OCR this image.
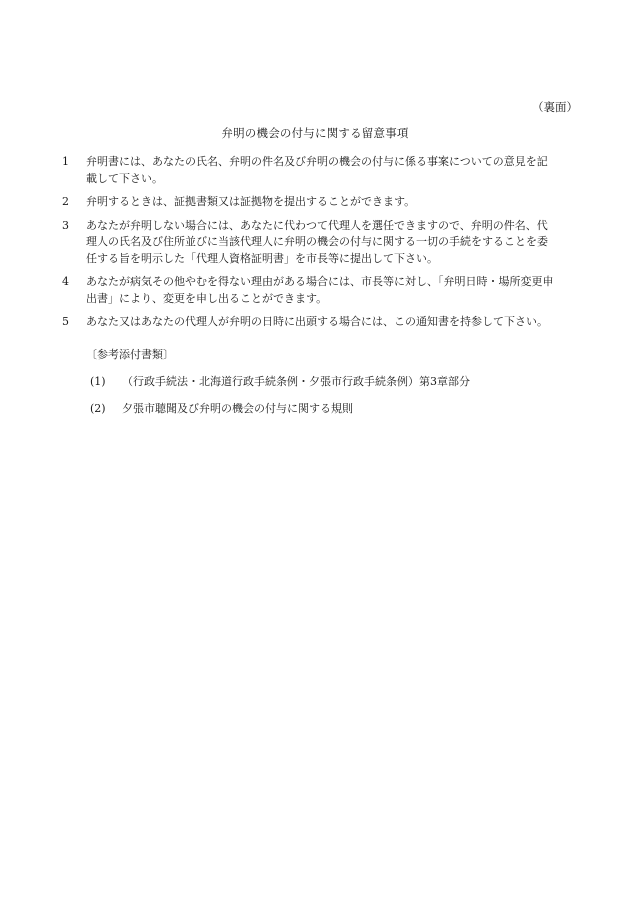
（裏面）
弁明の機会の付与に関する留意事項
1	弁明書には、あなたの氏名、弁明の件名及び弁明の機会の付与に係る事案についての意見を記
載して下さい。
2	弁明するときは、証拠書類又は証拠物を提出することができます。
3	あなたが弁明しない場合には、あなたに代わつて代理人を選任できますので、弁明の件名、代
理人の氏名及び住所並びに当該代理人に弁明の機会の付与に関する一切の手続をすることを委
任する旨を明示した「代理人資格証明書」を市長等に提出して下さい。
4	あなたが病気その他やむを得ない理由がある場合には、市長等に対し、「弁明日時・場所変更申
出書」により、変更を申し出ることができます。
5	あなた又はあなたの代理人が弁明の日時に出頭する場合には、この通知書を持参して下さい。
〔参考添付書類〕
(1)	（行政手続法・北海道行政手続条例・夕張市行政手続条例）第3章部分
(2)	夕張市聴聞及び弁明の機会の付与に関する規則
